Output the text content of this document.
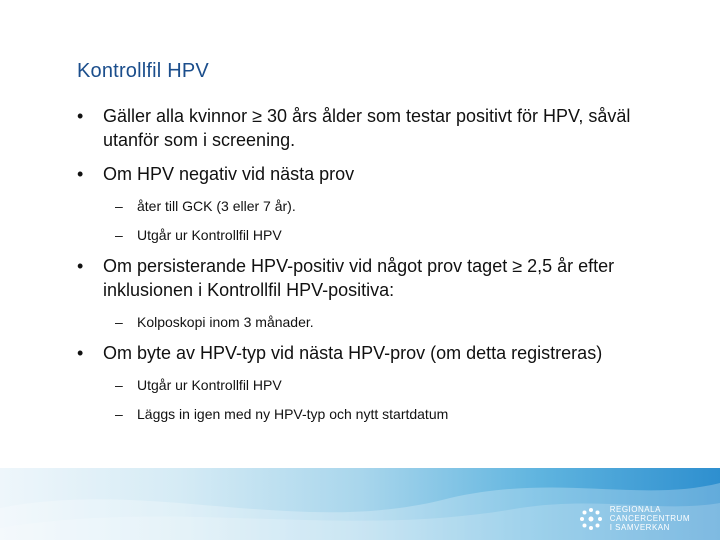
Kontrollfil HPV
• Gäller alla kvinnor ≥ 30 års ålder som testar positivt för HPV, såväl utanför som i screening.
• Om HPV negativ vid nästa prov
– åter till GCK (3 eller 7 år).
– Utgår ur Kontrollfil HPV
• Om persisterande HPV-positiv vid något prov taget ≥ 2,5 år efter inklusionen i Kontrollfil HPV-positiva:
– Kolposkopi inom 3 månader.
• Om byte av HPV-typ vid nästa HPV-prov (om detta registreras)
– Utgår ur Kontrollfil HPV
– Läggs in igen med ny HPV-typ och nytt startdatum
REGIONALA
CANCERCENTRUM
I SAMVERKAN
